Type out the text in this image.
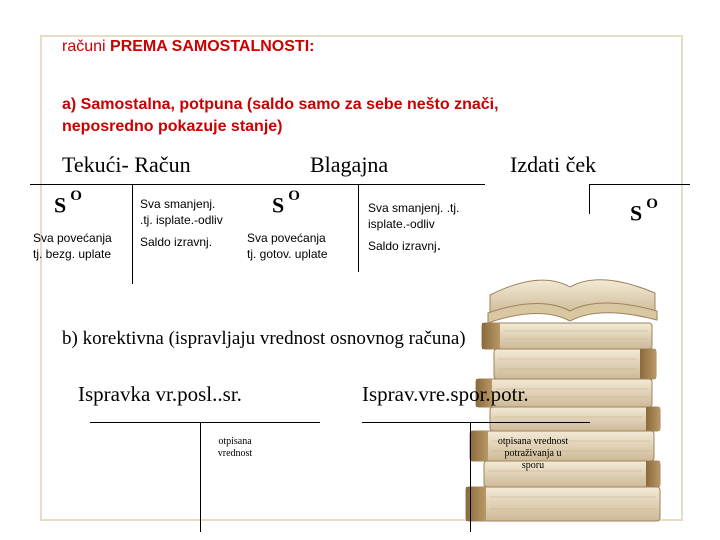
računi PREMA SAMOSTALNOSTI:
a) Samostalna, potpuna (saldo samo za sebe nešto znači,
neposredno pokazuje stanje)
Tekući- Račun	Blagajna	Izdati ček
S $^O$
Sva povećanja
tj. bezg. uplate
Sva smanjenj.
.tj. isplate.-odliv
Saldo izravnj.
S $^O$
Sva povećanja
tj. gotov. uplate
Sva smanjenj. .tj.
isplate.-odliv
Saldo izravnj.
S $^O$
b) korektivna (ispravljaju vrednost osnovnog računa)
Ispravka vr.posl..sr.	Isprav.vre.spor.potr.
otpisana
vrednost
otpisana vrednost
potraživanja u
sporu
